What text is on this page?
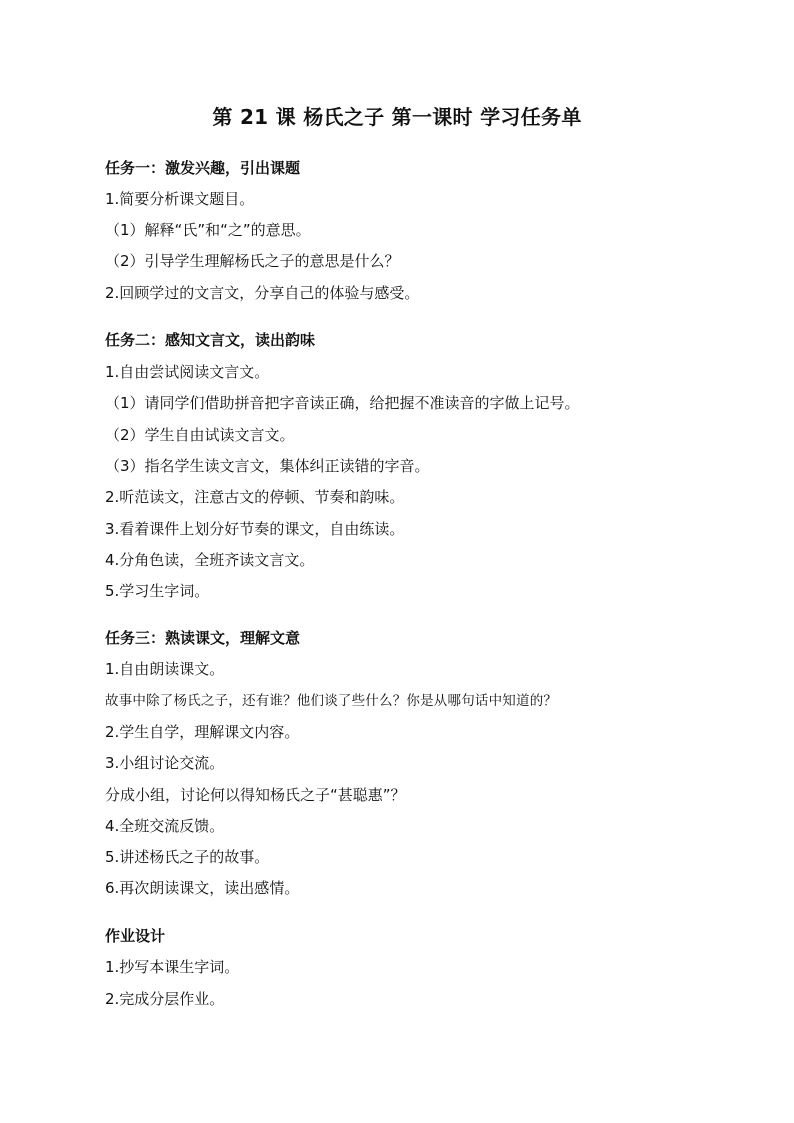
第 21 课 杨氏之子 第一课时 学习任务单
任务一：激发兴趣，引出课题

1.简要分析课文题目。

（1）解释“氏”和“之”的意思。

（2）引导学生理解杨氏之子的意思是什么？

2.回顾学过的文言文，分享自己的体验与感受。

任务二：感知文言文，读出韵味

1.自由尝试阅读文言文。

（1）请同学们借助拼音把字音读正确，给把握不准读音的字做上记号。

（2）学生自由试读文言文。

（3）指名学生读文言文，集体纠正读错的字音。

2.听范读文，注意古文的停顿、节奏和韵味。

3.看着课件上划分好节奏的课文，自由练读。

4.分角色读，全班齐读文言文。

5.学习生字词。

任务三：熟读课文，理解文意

1.自由朗读课文。

故事中除了杨氏之子，还有谁？他们谈了些什么？你是从哪句话中知道的？

2.学生自学，理解课文内容。

3.小组讨论交流。

分成小组，讨论何以得知杨氏之子“甚聪惠”？

4.全班交流反馈。

5.讲述杨氏之子的故事。

6.再次朗读课文，读出感情。

作业设计

1.抄写本课生字词。

2.完成分层作业。
